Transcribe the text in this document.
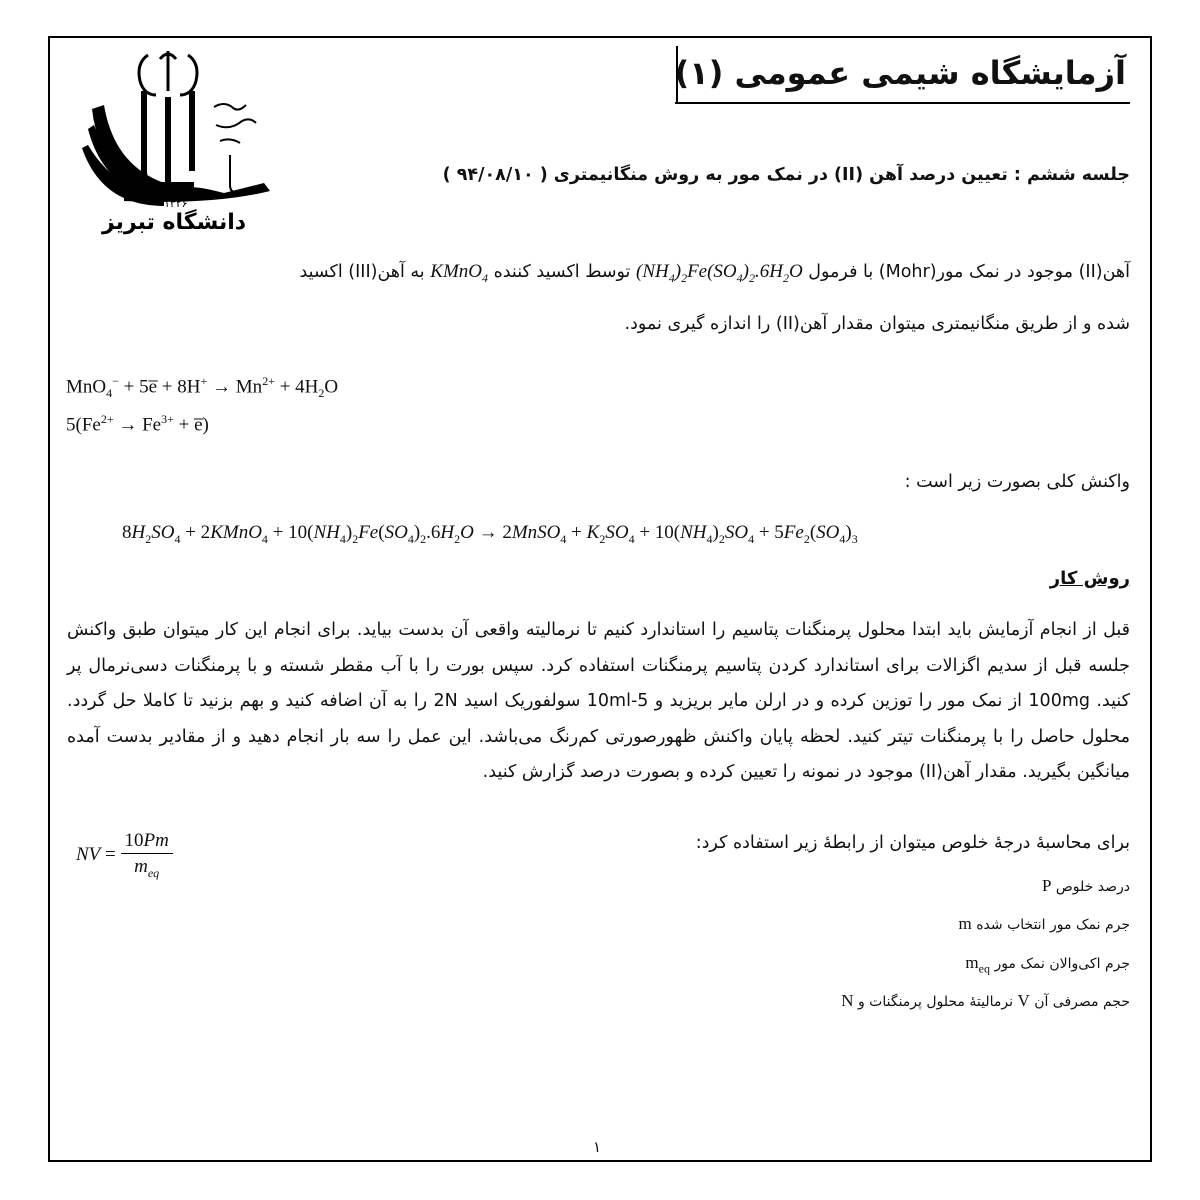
۱۳۲۶
دانشگاه تبریز
آزمایشگاه شیمی عمومی (۱)
جلسه ششم : تعیین درصد آهن (II) در نمک مور به روش منگانیمتری ( ۹۴/۰۸/۱۰ )
آهن(II) موجود در نمک مور(Mohr) با فرمول $(NH_4)_2Fe(SO_4)_2.6H_2O$ توسط اکسید کننده KMnO$_4$ به آهن(III) اکسید
شده و از طریق منگانیمتری میتوان مقدار آهن(II) را اندازه گیری نمود.
MnO$_4$− + 5e̅ + $8H^+ \to Mn^{2+} + 4H_2O$
$5(Fe^{2+} \to Fe^{3+}$ + e̅)
واکنش کلی بصورت زیر است :
$8H_2SO_4$ + 2KMnO$_4$ + $10(NH_4)_2Fe(SO_4)_2.6H_2O$ → 2MnSO$_4$ + $K_2SO_4 + 10(NH_4)_2SO_4 + 5Fe_2(SO_4)_3$
روش کار
قبل از انجام آزمایش باید ابتدا محلول پرمنگنات پتاسیم را استاندارد کنیم تا نرمالیته واقعی آن بدست بیاید. برای انجام این کار میتوان طبق واکنش جلسه قبل از سدیم اگزالات برای استاندارد کردن پتاسیم پرمنگنات استفاده کرد. سپس بورت را با آب مقطر شسته و با پرمنگنات دسی‌نرمال پر کنید. 100mg از نمک مور را توزین کرده و در ارلن مایر بریزید و 5-10ml سولفوریک اسید 2N را به آن اضافه کنید و بهم بزنید تا کاملا حل گردد. محلول حاصل را با پرمنگنات تیتر کنید. لحظه پایان واکنش ظهورصورتی کم‌رنگ می‌باشد. این عمل را سه بار انجام دهید و از مقادیر بدست آمده میانگین بگیرید. مقدار آهن(II) موجود در نمونه را تعیین کرده و بصورت درصد گزارش کنید.
NV = $\frac{10Pm}{m_{eq}}$	برای محاسبهٔ درجهٔ خلوص میتوان از رابطهٔ زیر استفاده کرد:
P درصد خلوص
m جرم نمک مور انتخاب شده
$m_{eq}$ جرم اکی‌والان نمک مور
N نرمالیتهٔ محلول پرمنگنات و V حجم مصرفی آن
۱
